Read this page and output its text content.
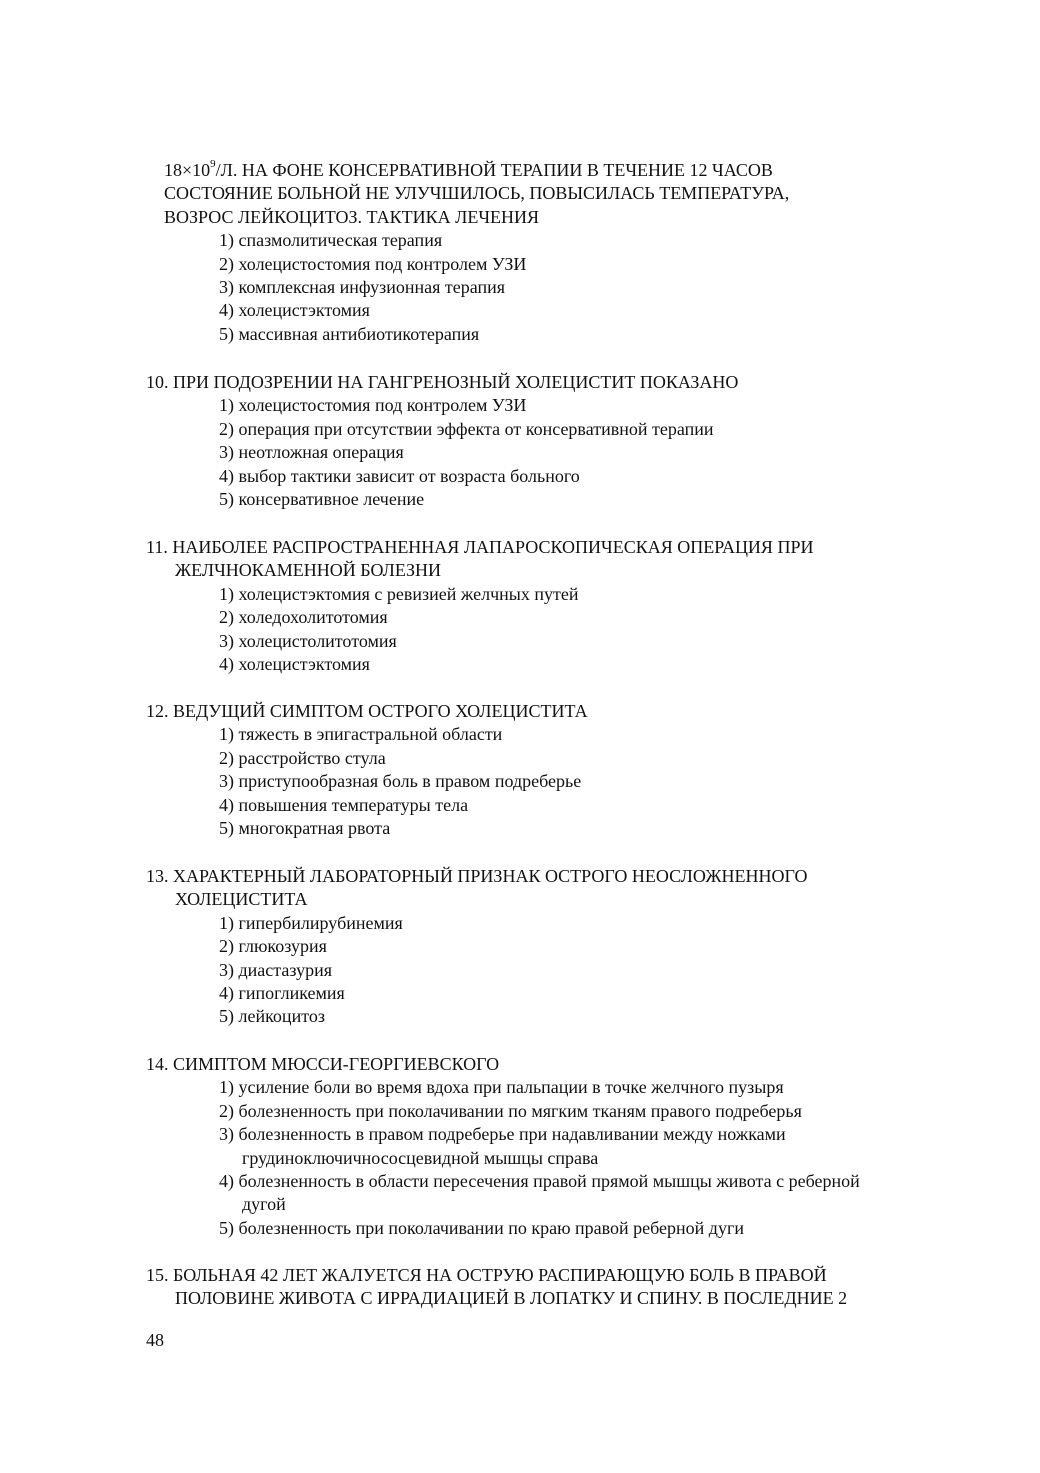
$18\times 10^9/Л$. НА ФОНЕ КОНСЕРВАТИВНОЙ ТЕРАПИИ В ТЕЧЕНИЕ 12 ЧАСОВ
СОСТОЯНИЕ БОЛЬНОЙ НЕ УЛУЧШИЛОСЬ, ПОВЫСИЛАСЬ ТЕМПЕРАТУРА,
ВОЗРОС ЛЕЙКОЦИТОЗ. ТАКТИКА ЛЕЧЕНИЯ
1) спазмолитическая терапия
2) холецистостомия под контролем УЗИ
3) комплексная инфузионная терапия
4) холецистэктомия
5) массивная антибиотикотерапия
10. ПРИ ПОДОЗРЕНИИ НА ГАНГРЕНОЗНЫЙ ХОЛЕЦИСТИТ ПОКАЗАНО
1) холецистостомия под контролем УЗИ
2) операция при отсутствии эффекта от консервативной терапии
3) неотложная операция
4) выбор тактики зависит от возраста больного
5) консервативное лечение
11. НАИБОЛЕЕ РАСПРОСТРАНЕННАЯ ЛАПАРОСКОПИЧЕСКАЯ ОПЕРАЦИЯ ПРИ
ЖЕЛЧНОКАМЕННОЙ БОЛЕЗНИ
1) холецистэктомия с ревизией желчных путей
2) холедохолитотомия
3) холецистолитотомия
4) холецистэктомия
12. ВЕДУЩИЙ СИМПТОМ ОСТРОГО ХОЛЕЦИСТИТА
1) тяжесть в эпигастральной области
2) расстройство стула
3) приступообразная боль в правом подреберье
4) повышения температуры тела
5) многократная рвота
13. ХАРАКТЕРНЫЙ ЛАБОРАТОРНЫЙ ПРИЗНАК ОСТРОГО НЕОСЛОЖНЕННОГО
ХОЛЕЦИСТИТА
1) гипербилирубинемия
2) глюкозурия
3) диастазурия
4) гипогликемия
5) лейкоцитоз
14. СИМПТОМ МЮССИ-ГЕОРГИЕВСКОГО
1) усиление боли во время вдоха при пальпации в точке желчного пузыря
2) болезненность при поколачивании по мягким тканям правого подреберья
3) болезненность в правом подреберье при надавливании между ножками
грудиноключичнососцевидной мышцы справа
4) болезненность в области пересечения правой прямой мышцы живота с реберной
дугой
5) болезненность при поколачивании по краю правой реберной дуги
15. БОЛЬНАЯ 42 ЛЕТ ЖАЛУЕТСЯ НА ОСТРУЮ РАСПИРАЮЩУЮ БОЛЬ В ПРАВОЙ
ПОЛОВИНЕ ЖИВОТА С ИРРАДИАЦИЕЙ В ЛОПАТКУ И СПИНУ. В ПОСЛЕДНИЕ 2
48
